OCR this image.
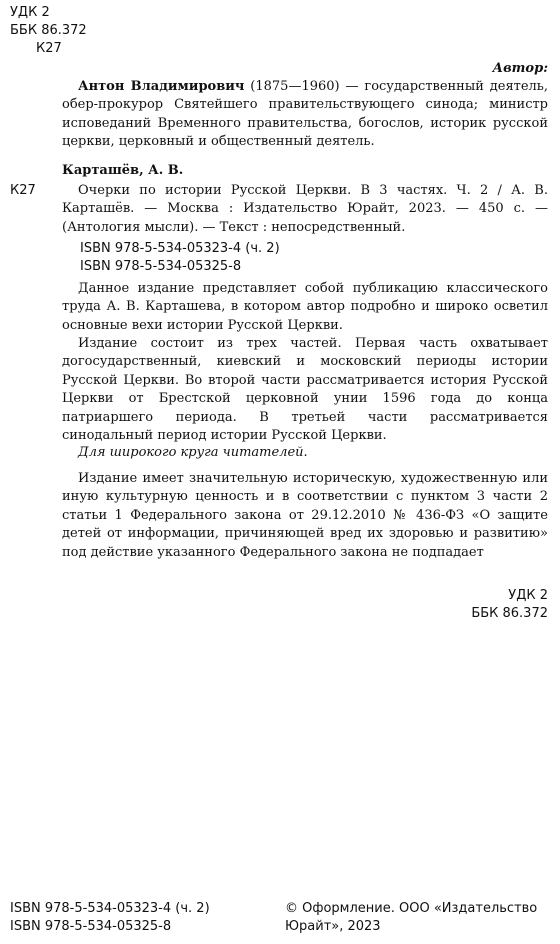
УДК 2
ББК 86.372
К27
Автор:
Антон Владимирович (1875—1960) — государственный деятель, обер-прокурор Святейшего правительствующего синода; министр исповеданий Временного правительства, богослов, историк русской церкви, церковный и общественный деятель.
Карташёв, А. В.
К27	Очерки по истории Русской Церкви. В 3 частях. Ч. 2 / А. В. Карташёв. — Москва : Издательство Юрайт, 2023. — 450 с. — (Антология мысли). — Текст : непосредственный.
ISBN 978-5-534-05323-4 (ч. 2)
ISBN 978-5-534-05325-8
Данное издание представляет собой публикацию классического труда А. В. Карташева, в котором автор подробно и широко осветил основные вехи истории Русской Церкви.
Издание состоит из трех частей. Первая часть охватывает догосударственный, киевский и московский периоды истории Русской Церкви. Во второй части рассматривается история Русской Церкви от Брестской церковной унии 1596 года до конца патриаршего периода. В третьей части рассматривается синодальный период истории Русской Церкви.
Для широкого круга читателей.
Издание имеет значительную историческую, художественную или иную культурную ценность и в соответствии с пунктом 3 части 2 статьи 1 Федерального закона от 29.12.2010 № 436-ФЗ «О защите детей от информации, причиняющей вред их здоровью и развитию» под действие указанного Федерального закона не подпадает
УДК 2
ББК 86.372
ISBN 978-5-534-05323-4 (ч. 2)
ISBN 978-5-534-05325-8
© Оформление. ООО «Издательство Юрайт», 2023
